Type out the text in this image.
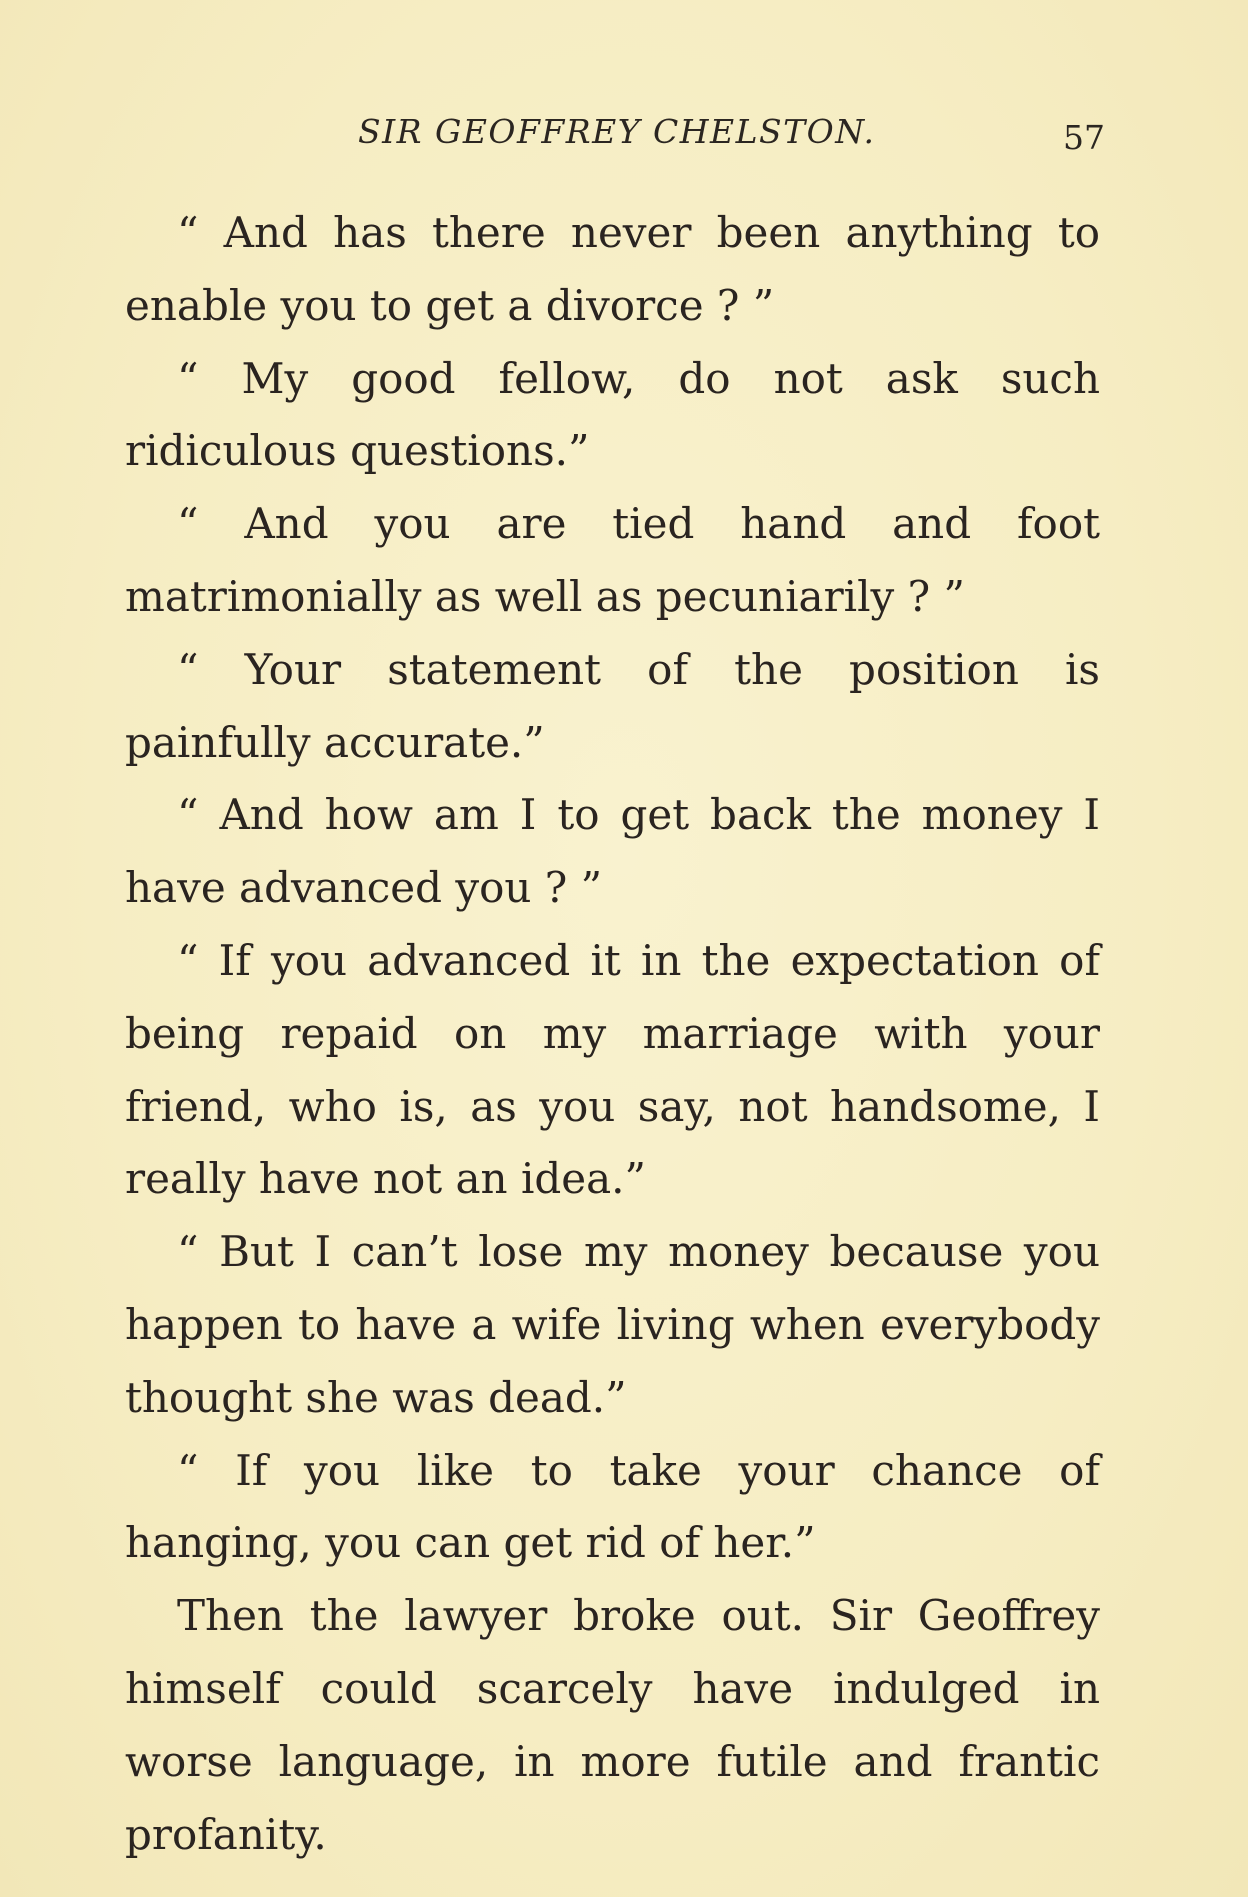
SIR GEOFFREY CHELSTON.	57

“ And has there never been anything to enable you to get a divorce ? ”

“ My good fellow, do not ask such ridiculous questions.”

“ And you are tied hand and foot matrimonially as well as pecuniarily ? ”

“ Your statement of the position is painfully accurate.”

“ And how am I to get back the money I have advanced you ? ”

“ If you advanced it in the expectation of being repaid on my marriage with your friend, who is, as you say, not handsome, I really have not an idea.”

“ But I can’t lose my money because you happen to have a wife living when everybody thought she was dead.”

“ If you like to take your chance of hanging, you can get rid of her.”

Then the lawyer broke out. Sir Geoffrey himself could scarcely have indulged in worse language, in more futile and frantic profanity.
